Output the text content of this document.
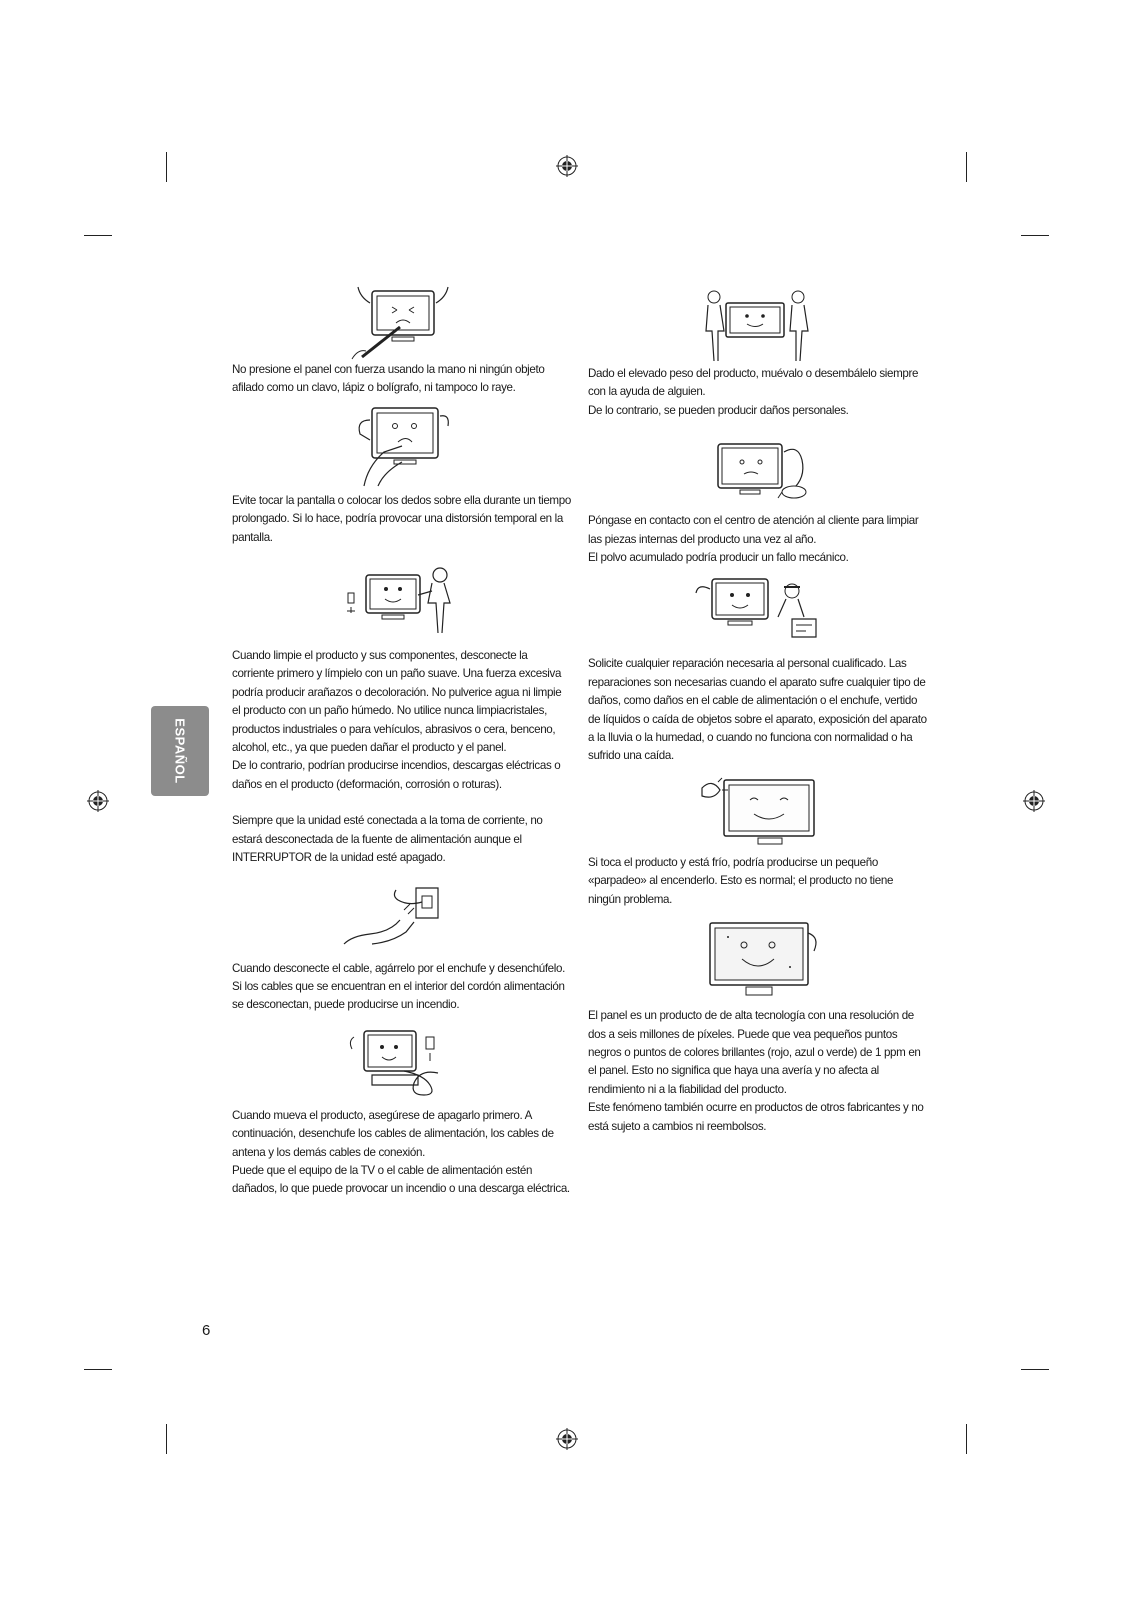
ESPAÑOL

No presione el panel con fuerza usando la mano ni ningún objeto afilado como un clavo, lápiz o bolígrafo, ni tampoco lo raye.

Evite tocar la pantalla o colocar los dedos sobre ella durante un tiempo prolongado. Si lo hace, podría provocar una distorsión temporal en la pantalla.

Cuando limpie el producto y sus componentes, desconecte la corriente primero y límpielo con un paño suave. Una fuerza excesiva podría producir arañazos o decoloración. No pulverice agua ni limpie el producto con un paño húmedo. No utilice nunca limpiacristales, productos industriales o para vehículos, abrasivos o cera, benceno, alcohol, etc., ya que pueden dañar el producto y el panel.

De lo contrario, podrían producirse incendios, descargas eléctricas o daños en el producto (deformación, corrosión o roturas).

Siempre que la unidad esté conectada a la toma de corriente, no estará desconectada de la fuente de alimentación aunque el INTERRUPTOR de la unidad esté apagado.

Cuando desconecte el cable, agárrelo por el enchufe y desenchúfelo.

Si los cables que se encuentran en el interior del cordón alimentación se desconectan, puede producirse un incendio.

Cuando mueva el producto, asegúrese de apagarlo primero. A continuación, desenchufe los cables de alimentación, los cables de antena y los demás cables de conexión.

Puede que el equipo de la TV o el cable de alimentación estén dañados, lo que puede provocar un incendio o una descarga eléctrica.

Dado el elevado peso del producto, muévalo o desembálelo siempre con la ayuda de alguien.

De lo contrario, se pueden producir daños personales.

Póngase en contacto con el centro de atención al cliente para limpiar las piezas internas del producto una vez al año.

El polvo acumulado podría producir un fallo mecánico.

Solicite cualquier reparación necesaria al personal cualificado. Las reparaciones son necesarias cuando el aparato sufre cualquier tipo de daños, como daños en el cable de alimentación o el enchufe, vertido de líquidos o caída de objetos sobre el aparato, exposición del aparato a la lluvia o la humedad, o cuando no funciona con normalidad o ha sufrido una caída.

Si toca el producto y está frío, podría producirse un pequeño «parpadeo» al encenderlo. Esto es normal; el producto no tiene ningún problema.

El panel es un producto de de alta tecnología con una resolución de dos a seis millones de píxeles. Puede que vea pequeños puntos negros o puntos de colores brillantes (rojo, azul o verde) de 1 ppm en el panel. Esto no significa que haya una avería y no afecta al rendimiento ni a la fiabilidad del producto.

Este fenómeno también ocurre en productos de otros fabricantes y no está sujeto a cambios ni reembolsos.

6
